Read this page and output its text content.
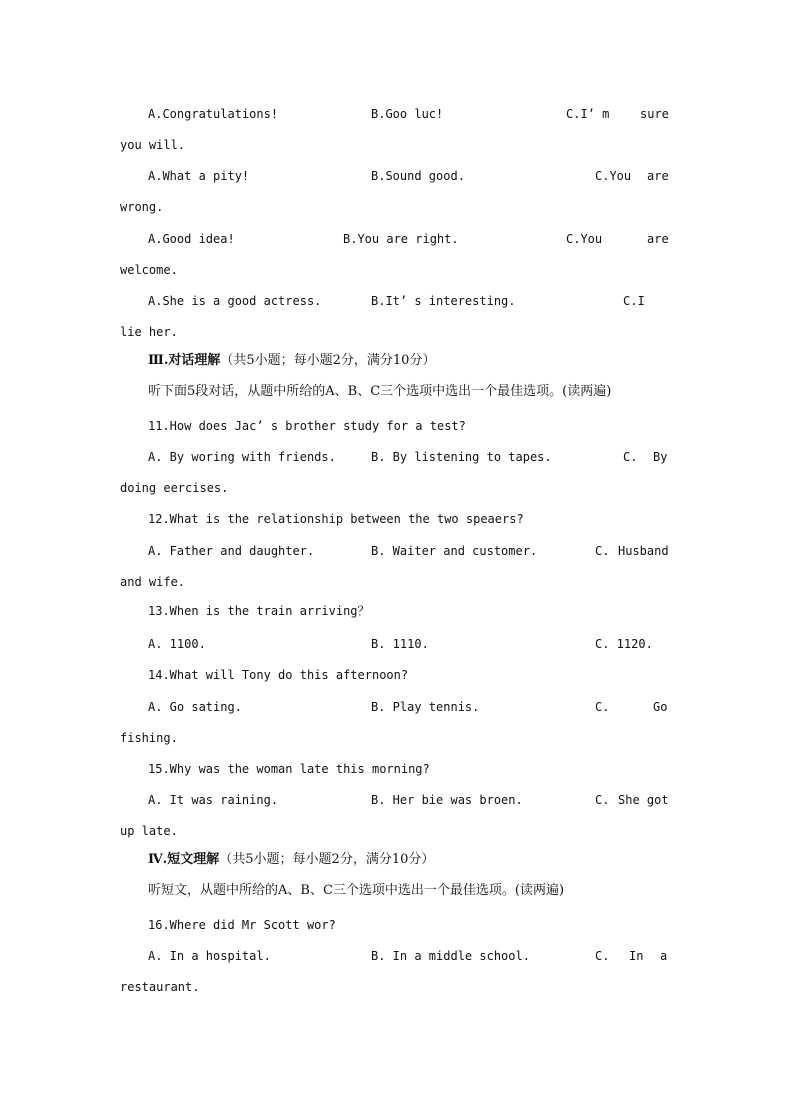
A.Congratulations!	B.Goo luc!	C.I’ m	sure
you will.
A.What a pity!	B.Sound good.	C.You are
wrong.
A.Good idea!	B.You are right.	C.You	are
welcome.
A.She is a good actress.	B.It’ s interesting.	C.I
lie her.
Ⅲ.对话理解（共5小题；每小题2分，满分10分）
听下面5段对话，从题中所给的A、B、C三个选项中选出一个最佳选项。(读两遍)
11.How does Jac’ s brother study for a test?
A. By woring with friends.	B. By listening to tapes.	C. By
doing eercises.
12.What is the relationship between the two speaers?
A. Father and daughter.	B. Waiter and customer.	C. Husband
and wife.
13.When is the train arriving？
A. 1100.	B. 1110.	C. 1120.
14.What will Tony do this afternoon?
A. Go sating.	B. Play tennis.	C.	Go
fishing.
15.Why was the woman late this morning?
A. It was raining.	B. Her bie was broen.	C. She got
up late.
Ⅳ.短文理解（共5小题；每小题2分，满分10分）
听短文，从题中所给的A、B、C三个选项中选出一个最佳选项。(读两遍)
16.Where did Mr Scott wor?
A. In a hospital.	B. In a middle school.	C. In a
restaurant.
